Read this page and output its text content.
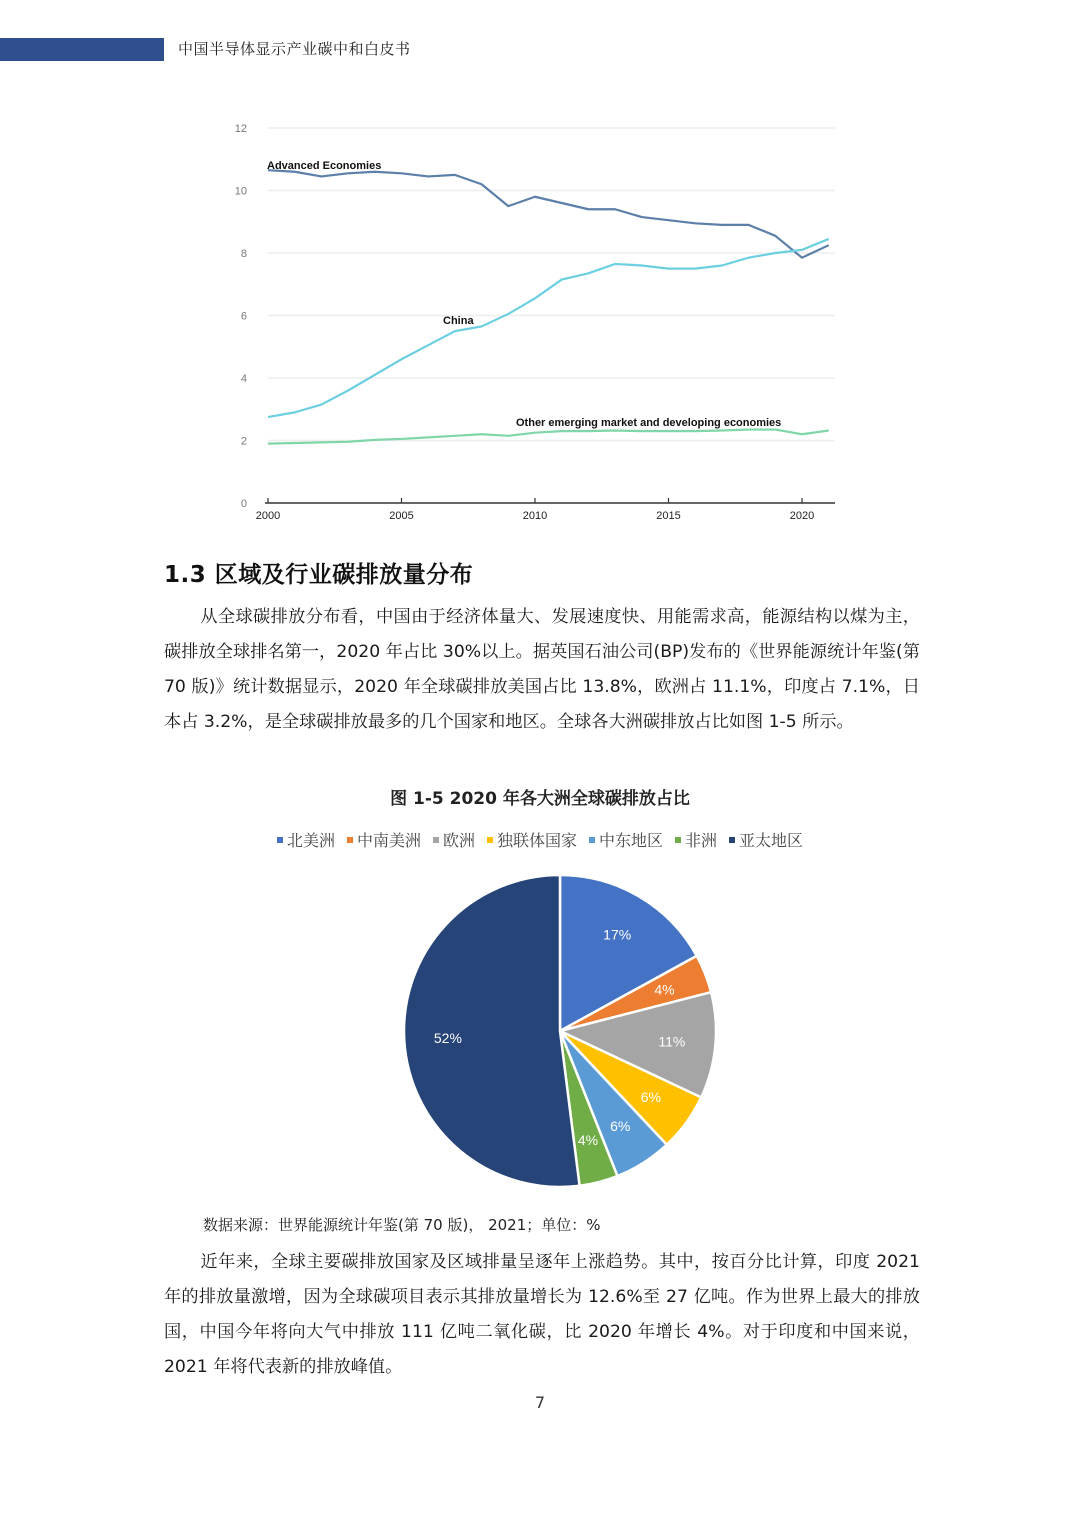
中国半导体显示产业碳中和白皮书
0
2
4
6
8
10
12
2000	2005	2010	2015	2020
Advanced Economies
China
Other emerging market and developing economies
1.3 区域及行业碳排放量分布
从全球碳排放分布看，中国由于经济体量大、发展速度快、用能需求高，能源结构以煤为主，碳排放全球排名第一，2020 年占比 30%以上。据英国石油公司(BP)发布的《世界能源统计年鉴(第 70 版)》统计数据显示，2020 年全球碳排放美国占比 13.8%，欧洲占 11.1%，印度占 7.1%，日本占 3.2%，是全球碳排放最多的几个国家和地区。全球各大洲碳排放占比如图 1-5 所示。
图 1-5 2020 年各大洲全球碳排放占比
北美洲 中南美洲 欧洲 独联体国家 中东地区 非洲 亚太地区
17%
4%
11%
6%
6%
4%
52%
数据来源：世界能源统计年鉴(第 70 版)， 2021；单位：%
近年来，全球主要碳排放国家及区域排量呈逐年上涨趋势。其中，按百分比计算，印度 2021 年的排放量激增，因为全球碳项目表示其排放量增长为 12.6%至 27 亿吨。作为世界上最大的排放国，中国今年将向大气中排放 111 亿吨二氧化碳，比 2020 年增长 4%。对于印度和中国来说，2021 年将代表新的排放峰值。
7
